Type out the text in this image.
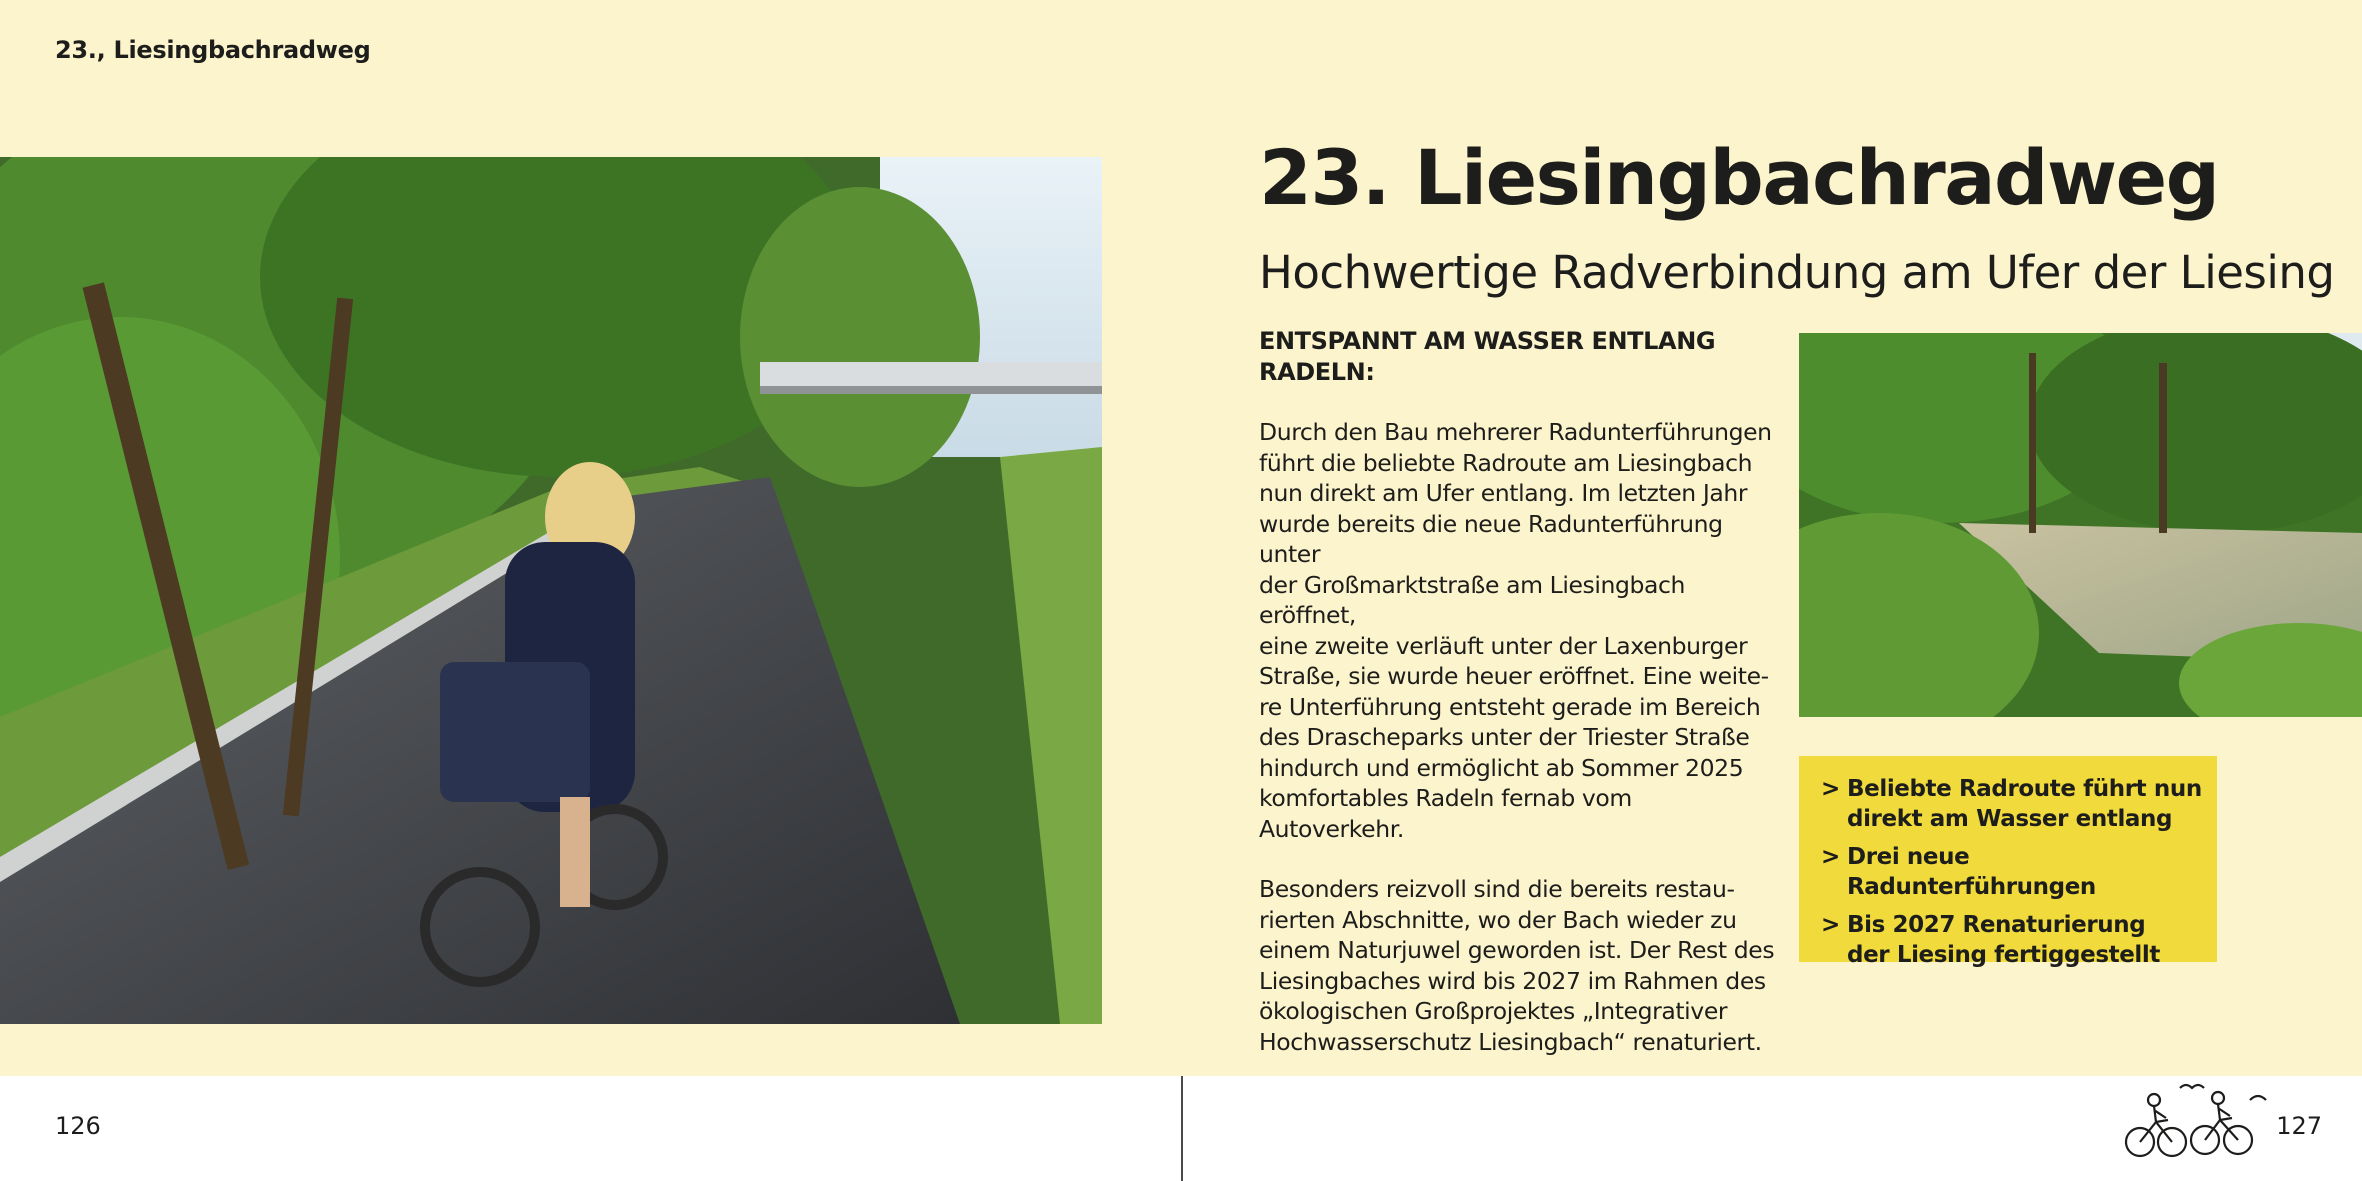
23., Liesingbachradweg
126	127
23. Liesingbachradweg
Hochwertige Radverbindung am Ufer der Liesing

ENTSPANNT AM WASSER ENTLANG
RADELN:

Durch den Bau mehrerer Radunterführungen
führt die beliebte Radroute am Liesingbach
nun direkt am Ufer entlang. Im letzten Jahr
wurde bereits die neue Radunterführung unter
der Großmarktstraße am Liesingbach eröffnet,
eine zweite verläuft unter der Laxenburger
Straße, sie wurde heuer eröffnet. Eine weite-
re Unterführung entsteht gerade im Bereich
des Drascheparks unter der Triester Straße
hindurch und ermöglicht ab Sommer 2025
komfortables Radeln fernab vom Autoverkehr.

Besonders reizvoll sind die bereits restau-
rierten Abschnitte, wo der Bach wieder zu
einem Naturjuwel geworden ist. Der Rest des
Liesingbaches wird bis 2027 im Rahmen des
ökologischen Großprojektes „Integrativer
Hochwasserschutz Liesingbach“ renaturiert.

> Beliebte Radroute führt nun
direkt am Wasser entlang
> Drei neue Radunterführungen
> Bis 2027 Renaturierung
der Liesing fertiggestellt
